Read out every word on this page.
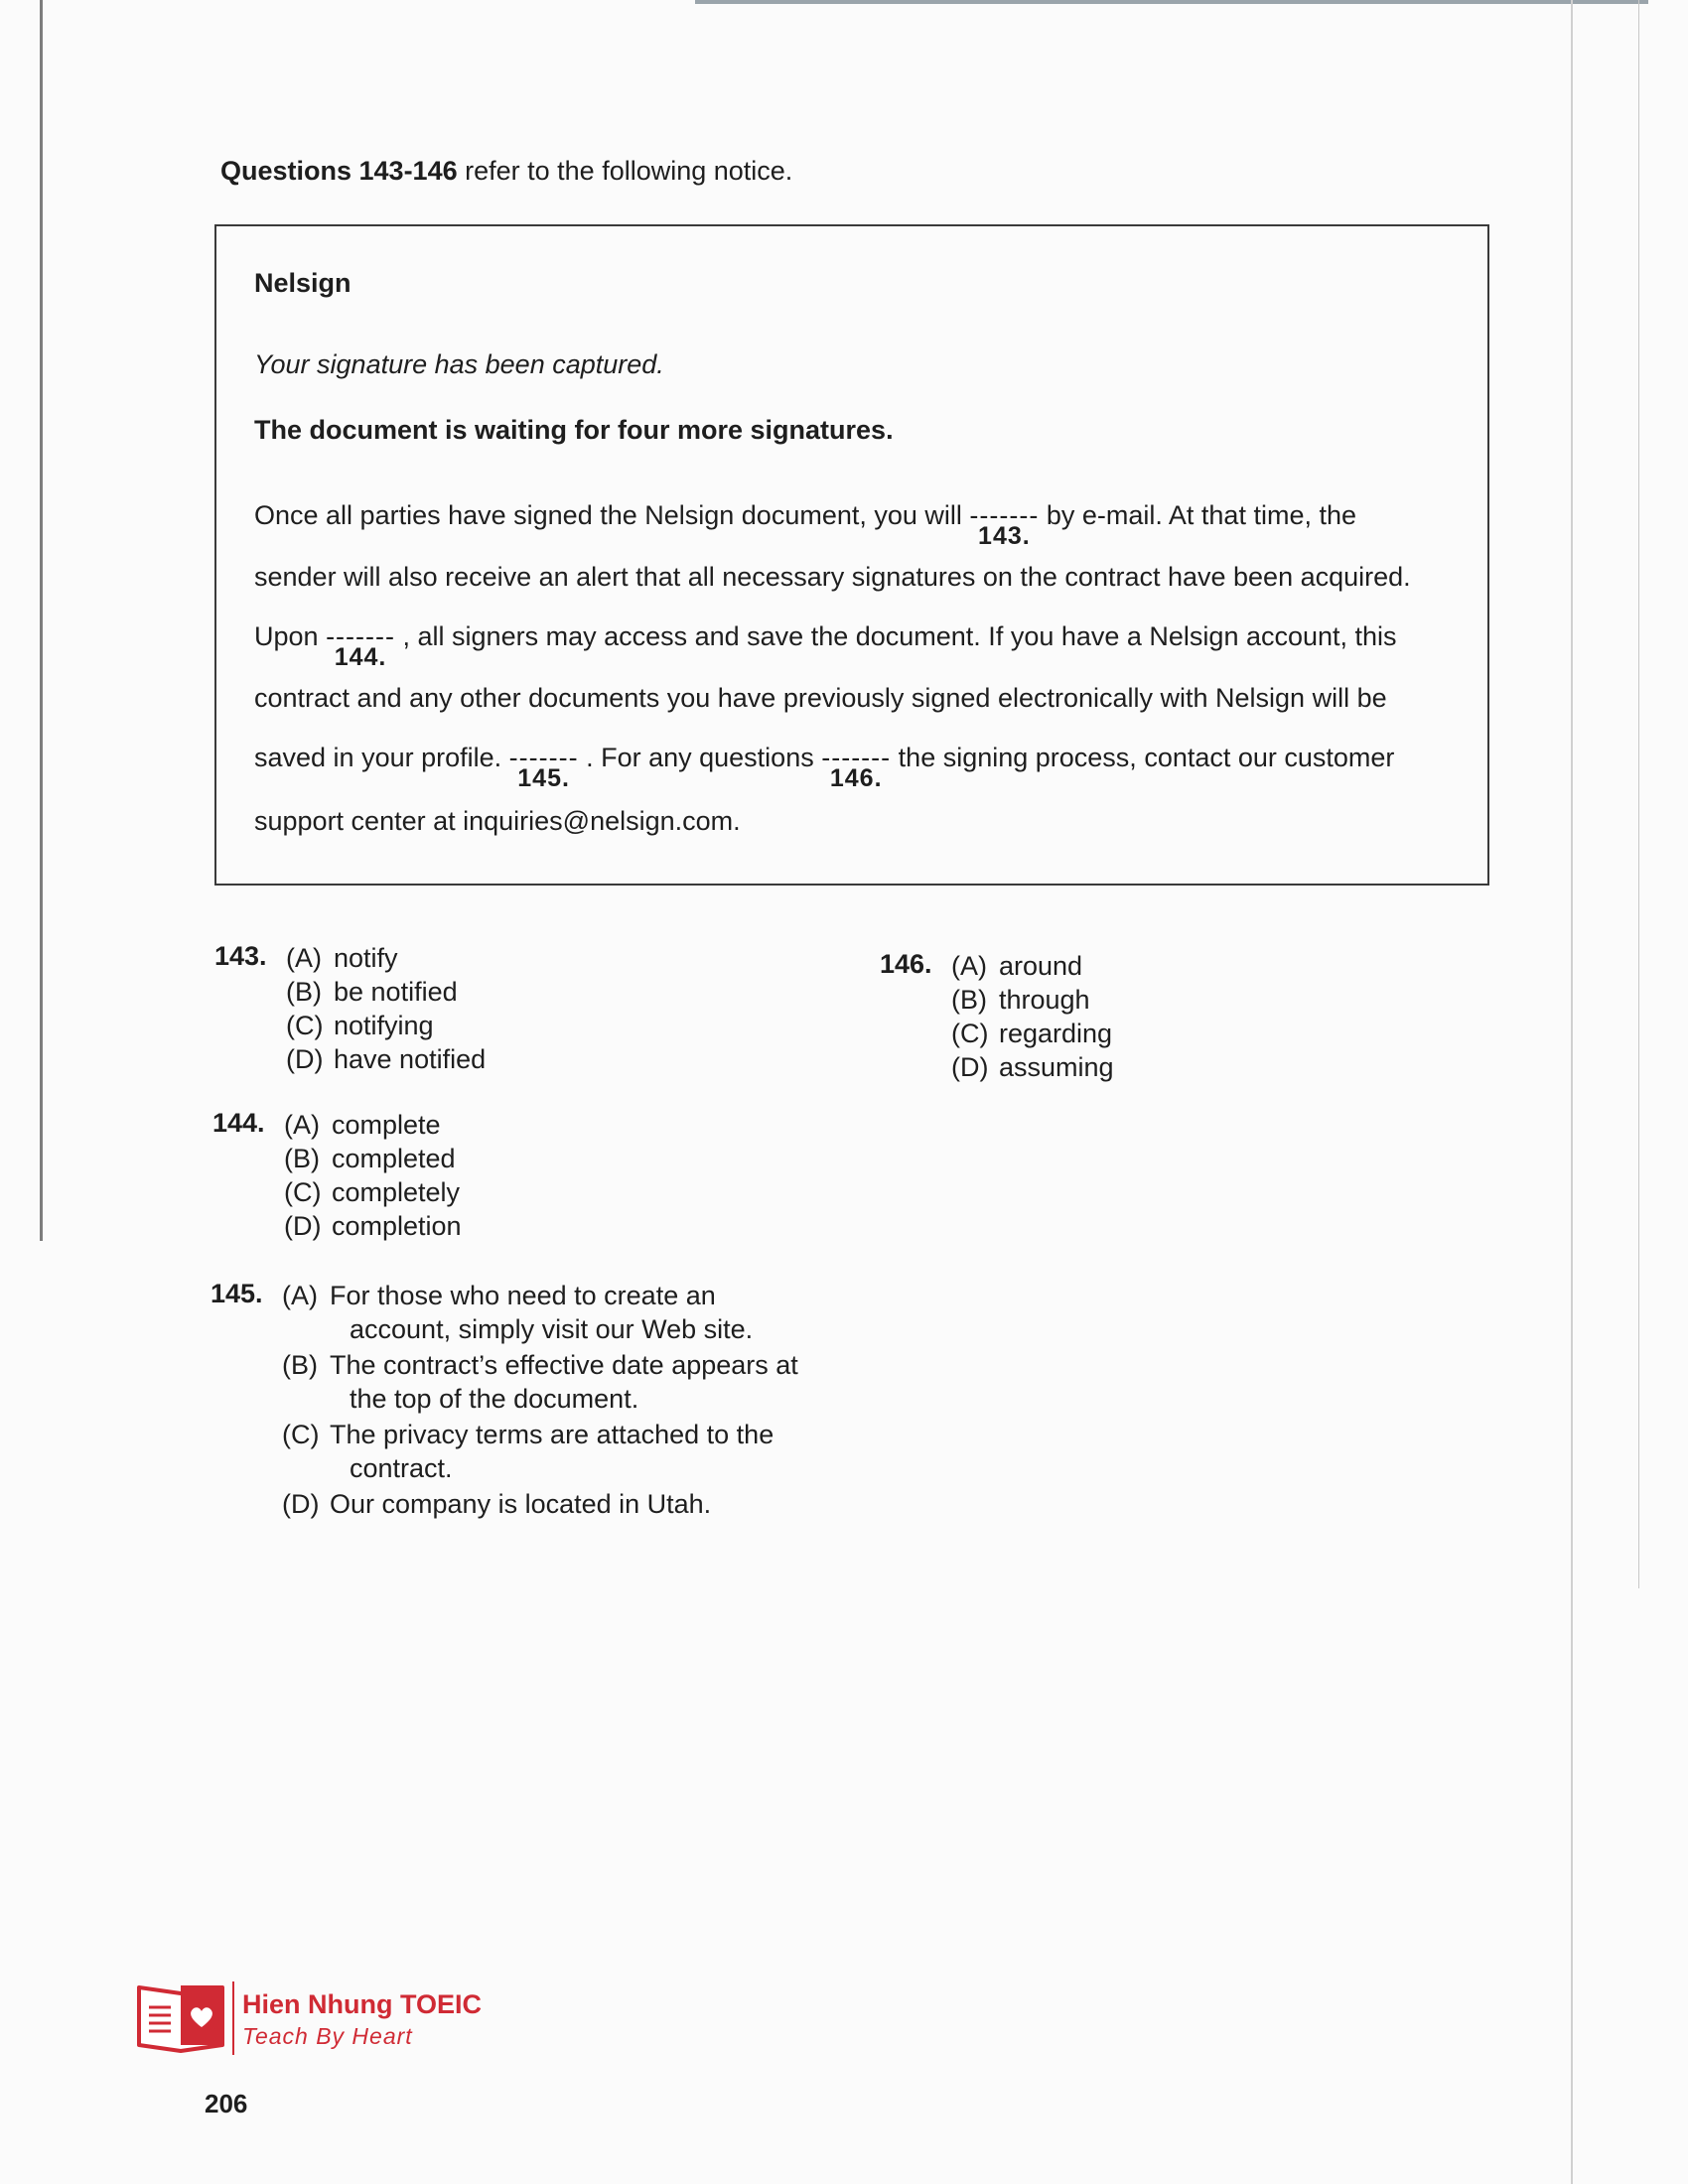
Questions 143-146 refer to the following notice.
Nelsign
Your signature has been captured.
The document is waiting for four more signatures.
Once all parties have signed the Nelsign document, you will -------
143.
by e-mail. At that time, the
sender will also receive an alert that all necessary signatures on the contract have been acquired.
Upon -------
144.
, all signers may access and save the document. If you have a Nelsign account, this
contract and any other documents you have previously signed electronically with Nelsign will be
saved in your profile. -------
145.
. For any questions -------
146.
the signing process, contact our customer
support center at inquiries@nelsign.com.
143. (A) notify
(B) be notified
(C) notifying
(D) have notified
144. (A) complete
(B) completed
(C) completely
(D) completion
145. (A) For those who need to create an account, simply visit our Web site.
(B) The contract’s effective date appears at the top of the document.
(C) The privacy terms are attached to the contract.
(D) Our company is located in Utah.
146. (A) around
(B) through
(C) regarding
(D) assuming
Hien Nhung TOEIC
Teach By Heart
206
